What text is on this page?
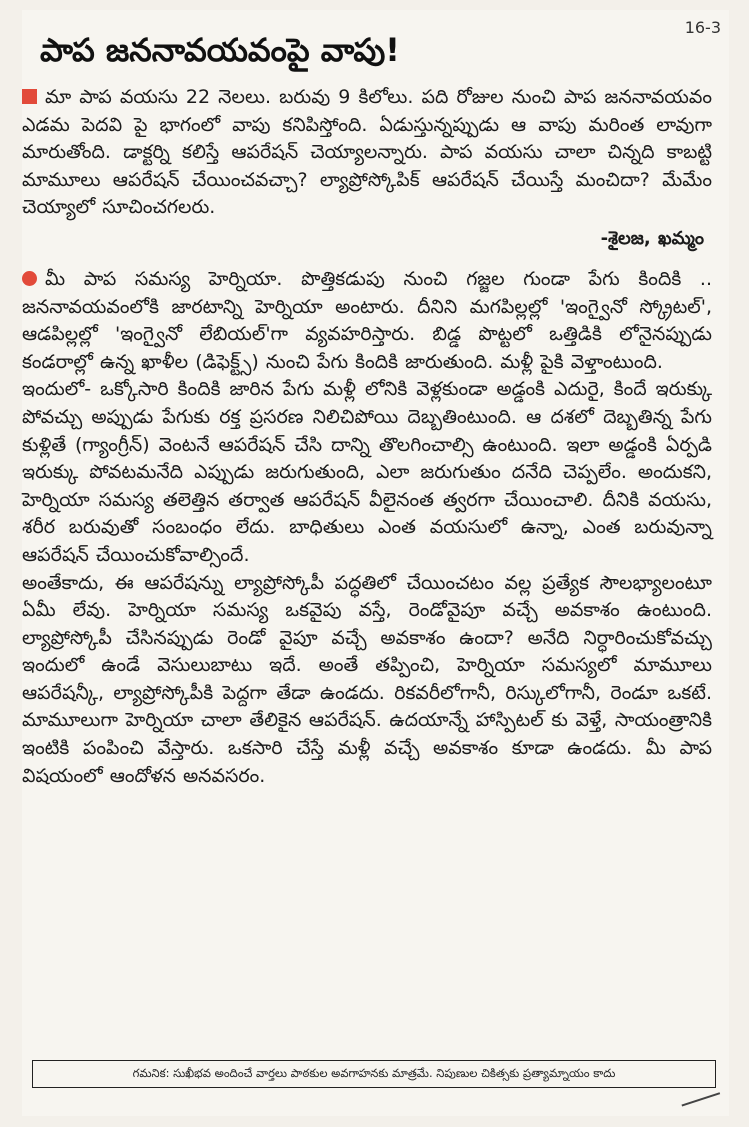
16-3
పాప జననావయవంపై వాపు!

మా పాప వయసు 22 నెలలు. బరువు 9 కిలోలు. పది రోజుల నుంచి పాప జననావయవం ఎడమ పెదవి పై భాగంలో వాపు కనిపిస్తోంది. ఏడుస్తున్నప్పుడు ఆ వాపు మరింత లావుగా మారుతోంది. డాక్టర్ని కలిస్తే ఆపరేషన్ చెయ్యాలన్నారు. పాప వయసు చాలా చిన్నది కాబట్టి మామూలు ఆపరేషన్ చేయించవచ్చా? ల్యాప్రోస్కోపిక్ ఆపరేషన్ చేయిస్తే మంచిదా? మేమేం చెయ్యాలో సూచించగలరు.

-శైలజ, ఖమ్మం

మీ పాప సమస్య హెర్నియా. పొత్తికడుపు నుంచి గజ్జల గుండా పేగు కిందికి .. జననావయవంలోకి జారటాన్ని హెర్నియా అంటారు. దీనిని మగపిల్లల్లో 'ఇంగ్వైనో స్క్రోటల్', ఆడపిల్లల్లో 'ఇంగ్వైనో లేబియల్'గా వ్యవహరిస్తారు. బిడ్డ పొట్టలో ఒత్తిడికి లోనైనప్పుడు కండరాల్లో ఉన్న ఖాళీల (డిఫెక్ట్స్) నుంచి పేగు కిందికి జారుతుంది. మళ్లీ పైకి వెళ్తాంటుంది.

ఇందులో- ఒక్కోసారి కిందికి జారిన పేగు మళ్లీ లోనికి వెళ్లకుండా అడ్డంకి ఎదురై, కిందే ఇరుక్కు పోవచ్చు అప్పుడు పేగుకు రక్త ప్రసరణ నిలిచిపోయి దెబ్బతింటుంది. ఆ దశలో దెబ్బతిన్న పేగు కుళ్లితే (గ్యాంగ్రీన్) వెంటనే ఆపరేషన్ చేసి దాన్ని తొలగించాల్సి ఉంటుంది. ఇలా అడ్డంకి ఏర్పడి ఇరుక్కు పోవటమనేది ఎప్పుడు జరుగుతుంది, ఎలా జరుగుతుం దనేది చెప్పలేం. అందుకని, హెర్నియా సమస్య తలెత్తిన తర్వాత ఆపరేషన్ వీలైనంత త్వరగా చేయించాలి. దీనికి వయసు, శరీర బరువుతో సంబంధం లేదు. బాధితులు ఎంత వయసులో ఉన్నా, ఎంత బరువున్నా ఆపరేషన్ చేయించుకోవాల్సిందే.

అంతేకాదు, ఈ ఆపరేషన్ను ల్యాప్రోస్కోపీ పద్ధతిలో చేయించటం వల్ల ప్రత్యేక సౌలభ్యాలంటూ ఏమీ లేవు. హెర్నియా సమస్య ఒకవైపు వస్తే, రెండోవైపూ వచ్చే అవకాశం ఉంటుంది. ల్యాప్రోస్కోపీ చేసినప్పుడు రెండో వైపూ వచ్చే అవకాశం ఉందా? అనేది నిర్ధారించుకోవచ్చు ఇందులో ఉండే వెసులుబాటు ఇదే. అంతే తప్పించి, హెర్నియా సమస్యలో మామూలు ఆపరేషన్కీ, ల్యాప్రోస్కోపీకి పెద్దగా తేడా ఉండదు. రికవరీలోగానీ, రిస్కులోగానీ, రెండూ ఒకటే. మామూలుగా హెర్నియా చాలా తేలికైన ఆపరేషన్. ఉదయాన్నే హాస్పిటల్ కు వెళ్తే, సాయంత్రానికి ఇంటికి పంపించి వేస్తారు. ఒకసారి చేస్తే మళ్లీ వచ్చే అవకాశం కూడా ఉండదు. మీ పాప విషయంలో ఆందోళన అనవసరం.

గమనిక: సుఖీభవ అందించే వార్తలు పాఠకుల అవగాహనకు మాత్రమే. నిపుణుల చికిత్సకు ప్రత్యామ్నాయం కాదు
